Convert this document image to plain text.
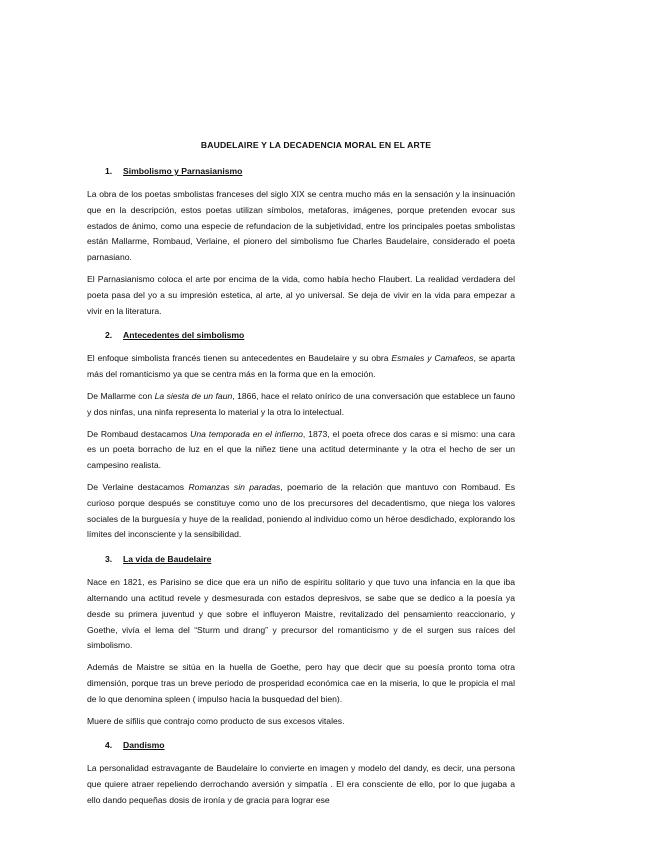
BAUDELAIRE Y LA DECADENCIA MORAL EN EL ARTE
1.	Simbolismo y Parnasianismo

La obra de los poetas smbolistas franceses del siglo XIX se centra mucho más en la sensación y la insinuación que en la descripción, estos poetas utilizan símbolos, metaforas, imágenes, porque pretenden evocar sus estados de ánimo, como una especie de refundacion de la subjetividad, entre los principales poetas smbolistas están Mallarme, Rombaud, Verlaine, el pionero del simbolismo fue Charles Baudelaire, considerado el poeta parnasiano.

El Parnasianismo coloca el arte por encima de la vida, como había hecho Flaubert. La realidad verdadera del poeta pasa del yo a su impresión estetica, al arte, al yo universal. Se deja de vivir en la vida para empezar a vivir en la literatura.

2.	Antecedentes del simbolismo

El enfoque simbolista francés tienen su antecedentes en Baudelaire y su obra Esmales y Camafeos, se aparta más del romanticismo ya que se centra más en la forma que en la emoción.

De Mallarme con La siesta de un faun, 1866, hace el relato onírico de una conversación que establece un fauno y dos ninfas, una ninfa representa lo material y la otra lo intelectual.

De Rombaud destacamos Una temporada en el infierno, 1873, el poeta ofrece dos caras e si mismo: una cara es un poeta borracho de luz en el que la niñez tiene una actitud determinante y la otra el hecho de ser un campesino realista.

De Verlaine destacamos Romanzas sin paradas, poemario de la relación que mantuvo con Rombaud. Es curioso porque después se constituye como uno de los precursores del decadentismo, que niega los valores sociales de la burguesía y huye de la realidad, poniendo al individuo como un héroe desdichado, explorando los límites del inconsciente y la sensibilidad.

3.	La vida de Baudelaire

Nace en 1821, es Parisino se dice que era un niño de espíritu solitario y que tuvo una infancia en la que iba alternando una actitud revele y desmesurada con estados depresivos, se sabe que se dedico a la poesía ya desde su primera juventud y que sobre el influyeron Maistre, revitalizado del pensamiento reaccionario, y Goethe, vivía el lema del “Sturm und drang” y precursor del romanticismo y de el surgen sus raíces del simbolismo.

Además de Maistre se sitúa en la huella de Goethe, pero hay que decir que su poesía pronto toma otra dimensión, porque tras un breve periodo de prosperidad económica cae en la miseria, lo que le propicia el mal de lo que denomina spleen ( impulso hacia la busquedad del bien).

Muere de sífilis que contrajo como producto de sus excesos vitales.

4.	Dandismo

La personalidad estravagante de Baudelaire lo convierte en imagen y modelo del dandy, es decir, una persona que quiere atraer repeliendo derrochando aversión y simpatía . El era consciente de ello, por lo que jugaba a ello dando pequeñas dosis de ironía y de gracia para lograr ese
